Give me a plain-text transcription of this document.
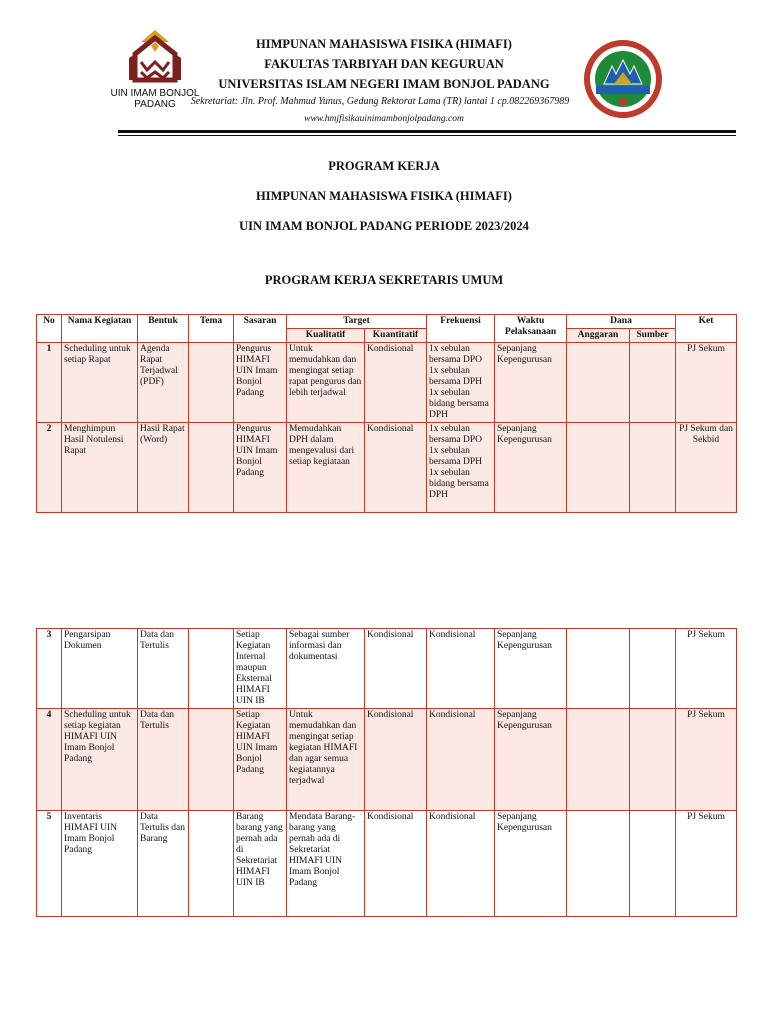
UIN IMAM BONJOL
PADANG
HIMPUNAN MAHASISWA FISIKA (HIMAFI)
FAKULTAS TARBIYAH DAN KEGURUAN
UNIVERSITAS ISLAM NEGERI IMAM BONJOL PADANG
Sekretariat: Jln. Prof. Mahmud Yunus, Gedung Rektorat Lama (TR) lantai 1 cp.082269367989
www.hmjfisikauinimambonjolpadang.com
PROGRAM KERJA
HIMPUNAN MAHASISWA FISIKA (HIMAFI)
UIN IMAM BONJOL PADANG PERIODE 2023/2024
PROGRAM KERJA SEKRETARIS UMUM
No	Nama Kegiatan	Bentuk	Tema	Sasaran	Target		Frekuensi	Waktu Pelaksanaan	Dana		Ket
					Kualitatif	Kuantitatif			Anggaran	Sumber	
1	Scheduling untuk setiap Rapat	Agenda Rapat Terjadwal (PDF)		Pengurus HIMAFI UIN Imam Bonjol Padang	Untuk memudahkan dan mengingat setiap rapat pengurus dan lebih terjadwal	Kondisional	1x sebulan bersama DPO 1x sebulan bersama DPH 1x sebulan bidang bersama DPH	Sepanjang Kepengurusan			PJ Sekum
2	Menghimpun Hasil Notulensi Rapat	Hasil Rapat (Word)		Pengurus HIMAFI UIN Imam Bonjol Padang	Memudahkan DPH dalam mengevalusi dari setiap kegiataan	Kondisional	1x sebulan bersama DPO 1x sebulan bersama DPH 1x sebulan bidang bersama DPH	Sepanjang Kepengurusan			PJ Sekum dan Sekbid
3	Pengarsipan Dokumen	Data dan Tertulis		Setiap Kegiatan Internal maupun Eksternal HIMAFI UIN IB	Sebagai sumber informasi dan dokumentasi	Kondisional	Kondisional	Sepanjang Kepengurusan			PJ Sekum
4	Scheduling untuk setiap kegiatan HIMAFI UIN Imam Bonjol Padang	Data dan Tertulis		Setiap Kegiatan HIMAFI UIN Imam Bonjol Padang	Untuk memudahkan dan mengingat setiap kegiatan HIMAFI dan agar semua kegiatannya terjadwal	Kondisional	Kondisional	Sepanjang Kepengurusan			PJ Sekum
5	Inventaris HIMAFI UIN Imam Bonjol Padang	Data Tertulis dan Barang		Barang barang yang pernah ada di Sekretariat HIMAFI UIN IB	Mendata Barang-barang yang pernah ada di Sekretariat HIMAFI UIN Imam Bonjol Padang	Kondisional	Kondisional	Sepanjang Kepengurusan			PJ Sekum
